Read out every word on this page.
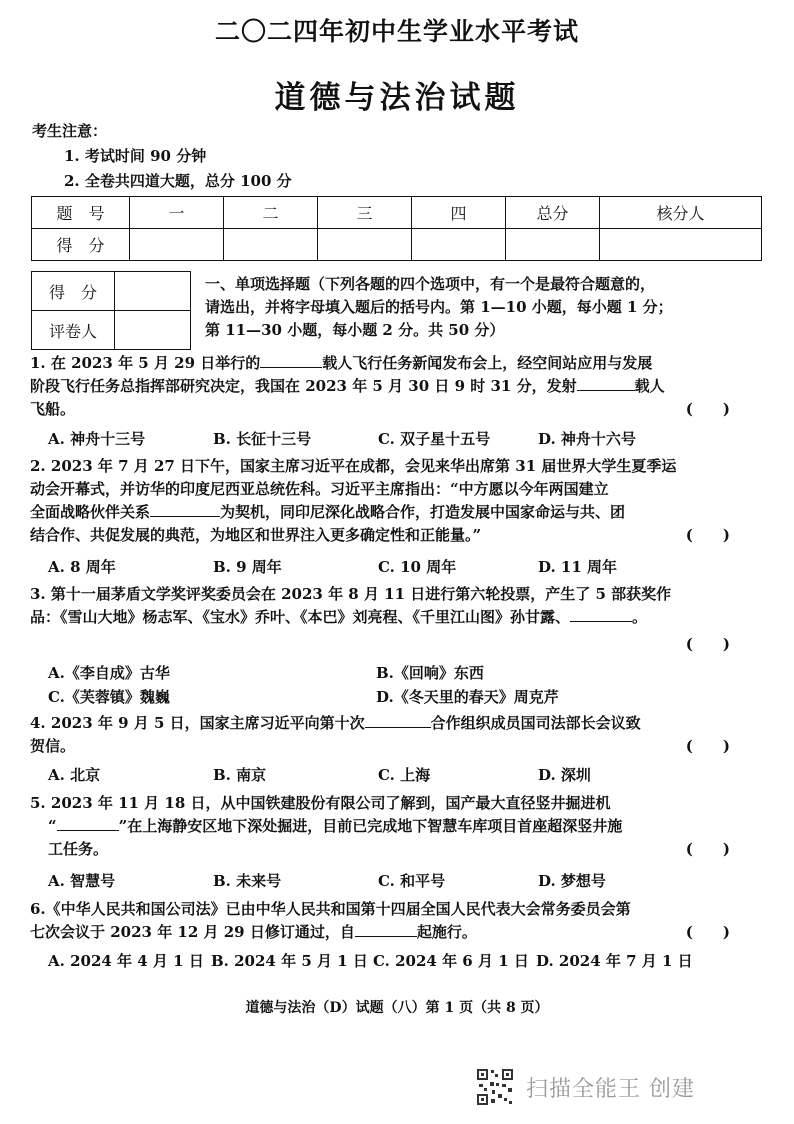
二〇二四年初中生学业水平考试
道德与法治试题
考生注意：
1. 考试时间 90 分钟
2. 全卷共四道大题，总分 100 分
题　号	一	二	三	四	总分	核分人
得　分						
得　分	
评卷人	
一、单项选择题（下列各题的四个选项中，有一个是最符合题意的，
请选出，并将字母填入题后的括号内。第 1—10 小题，每小题 1 分；
第 11—30 小题，每小题 2 分。共 50 分）
1. 在 2023 年 5 月 29 日举行的	载人飞行任务新闻发布会上，经空间站应用与发展
阶段飞行任务总指挥部研究决定，我国在 2023 年 5 月 30 日 9 时 31 分，发射	载人
飞船。	(　　)
A. 神舟十三号	B. 长征十三号	C. 双子星十五号	D. 神舟十六号
2. 2023 年 7 月 27 日下午，国家主席习近平在成都，会见来华出席第 31 届世界大学生夏季运
动会开幕式，并访华的印度尼西亚总统佐科。习近平主席指出：“中方愿以今年两国建立
全面战略伙伴关系	为契机，同印尼深化战略合作，打造发展中国家命运与共、团
结合作、共促发展的典范，为地区和世界注入更多确定性和正能量。”	(　　)
A. 8 周年	B. 9 周年	C. 10 周年	D. 11 周年
3. 第十一届茅盾文学奖评奖委员会在 2023 年 8 月 11 日进行第六轮投票，产生了 5 部获奖作
品：《雪山大地》杨志军、《宝水》乔叶、《本巴》刘亮程、《千里江山图》孙甘露、	。
(　　)
A.《李自成》古华	B.《回响》东西
C.《芙蓉镇》魏巍	D.《冬天里的春天》周克芹
4. 2023 年 9 月 5 日，国家主席习近平向第十次	合作组织成员国司法部长会议致
贺信。	(　　)
A. 北京	B. 南京	C. 上海	D. 深圳
5. 2023 年 11 月 18 日，从中国铁建股份有限公司了解到，国产最大直径竖井掘进机
“	”在上海静安区地下深处掘进，目前已完成地下智慧车库项目首座超深竖井施
工任务。	(　　)
A. 智慧号	B. 未来号	C. 和平号	D. 梦想号
6.《中华人民共和国公司法》已由中华人民共和国第十四届全国人民代表大会常务委员会第
七次会议于 2023 年 12 月 29 日修订通过，自	起施行。	(　　)
A. 2024 年 4 月 1 日 B. 2024 年 5 月 1 日 C. 2024 年 6 月 1 日 D. 2024 年 7 月 1 日
道德与法治（D）试题（八）第 1 页（共 8 页）
扫描全能王 创建
